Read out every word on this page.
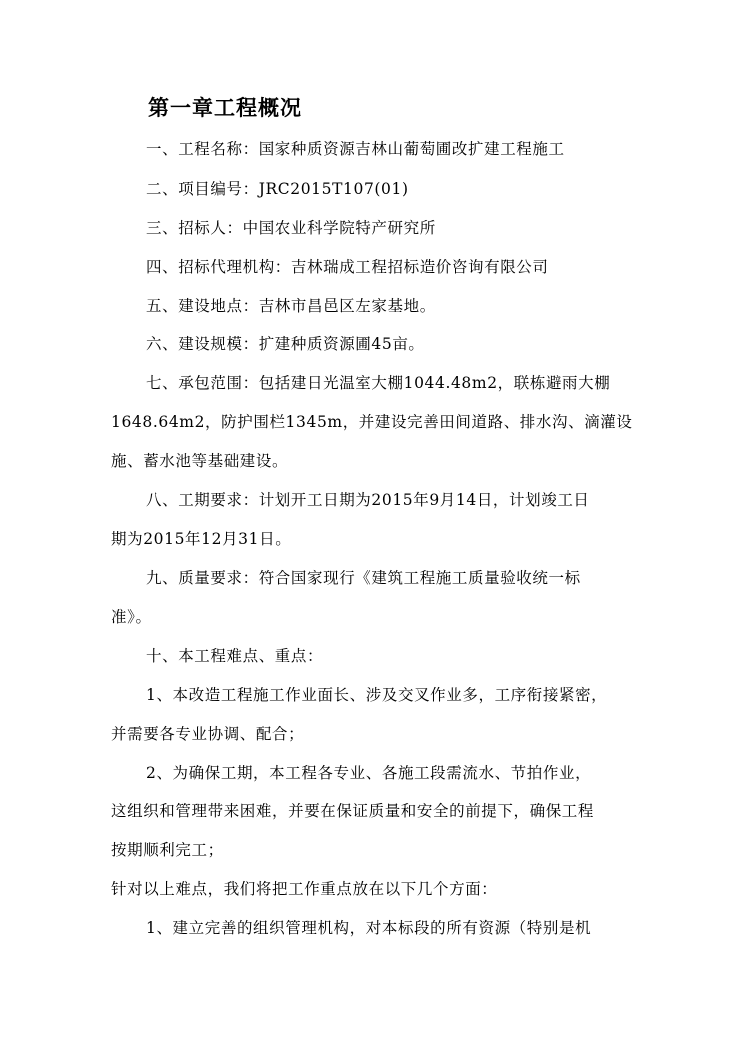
第一章工程概况
一、工程名称：国家种质资源吉林山葡萄圃改扩建工程施工
二、项目编号：JRC2015T107(01)
三、招标人：中国农业科学院特产研究所
四、招标代理机构：吉林瑞成工程招标造价咨询有限公司
五、建设地点：吉林市昌邑区左家基地。
六、建设规模：扩建种质资源圃45亩。
七、承包范围：包括建日光温室大棚1044.48m2，联栋避雨大棚
1648.64m2，防护围栏1345m，并建设完善田间道路、排水沟、滴灌设
施、蓄水池等基础建设。
八、工期要求：计划开工日期为2015年9月14日，计划竣工日
期为2015年12月31日。
九、质量要求：符合国家现行《建筑工程施工质量验收统一标
准》。
十、本工程难点、重点：
1、本改造工程施工作业面长、涉及交叉作业多，工序衔接紧密，
并需要各专业协调、配合；
2、为确保工期，本工程各专业、各施工段需流水、节拍作业，
这组织和管理带来困难，并要在保证质量和安全的前提下，确保工程
按期顺利完工；
针对以上难点，我们将把工作重点放在以下几个方面：
1、建立完善的组织管理机构，对本标段的所有资源（特别是机
